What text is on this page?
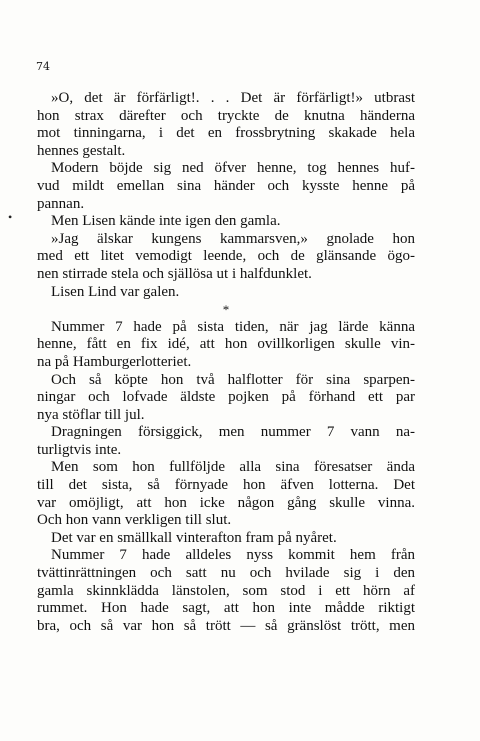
74
•
»O, det är förfärligt!. . . Det är förfärligt!» utbrast
hon strax därefter och tryckte de knutna händerna
mot tinningarna, i det en frossbrytning skakade hela
hennes gestalt.
Modern böjde sig ned öfver henne, tog hennes huf-
vud mildt emellan sina händer och kysste henne på
pannan.
Men Lisen kände inte igen den gamla.
»Jag älskar kungens kammarsven,» gnolade hon
med ett litet vemodigt leende, och de glänsande ögo-
nen stirrade stela och själlösa ut i halfdunklet.
Lisen Lind var galen.
*
Nummer 7 hade på sista tiden, när jag lärde känna
henne, fått en fix idé, att hon ovillkorligen skulle vin-
na på Hamburgerlotteriet.
Och så köpte hon två halflotter för sina sparpen-
ningar och lofvade äldste pojken på förhand ett par
nya stöflar till jul.
Dragningen försiggick, men nummer 7 vann na-
turligtvis inte.
Men som hon fullföljde alla sina föresatser ända
till det sista, så förnyade hon äfven lotterna. Det
var omöjligt, att hon icke någon gång skulle vinna.
Och hon vann verkligen till slut.
Det var en smällkall vinterafton fram på nyåret.
Nummer 7 hade alldeles nyss kommit hem från
tvättinrättningen och satt nu och hvilade sig i den
gamla skinnklädda länstolen, som stod i ett hörn af
rummet. Hon hade sagt, att hon inte mådde riktigt
bra, och så var hon så trött — så gränslöst trött, men
